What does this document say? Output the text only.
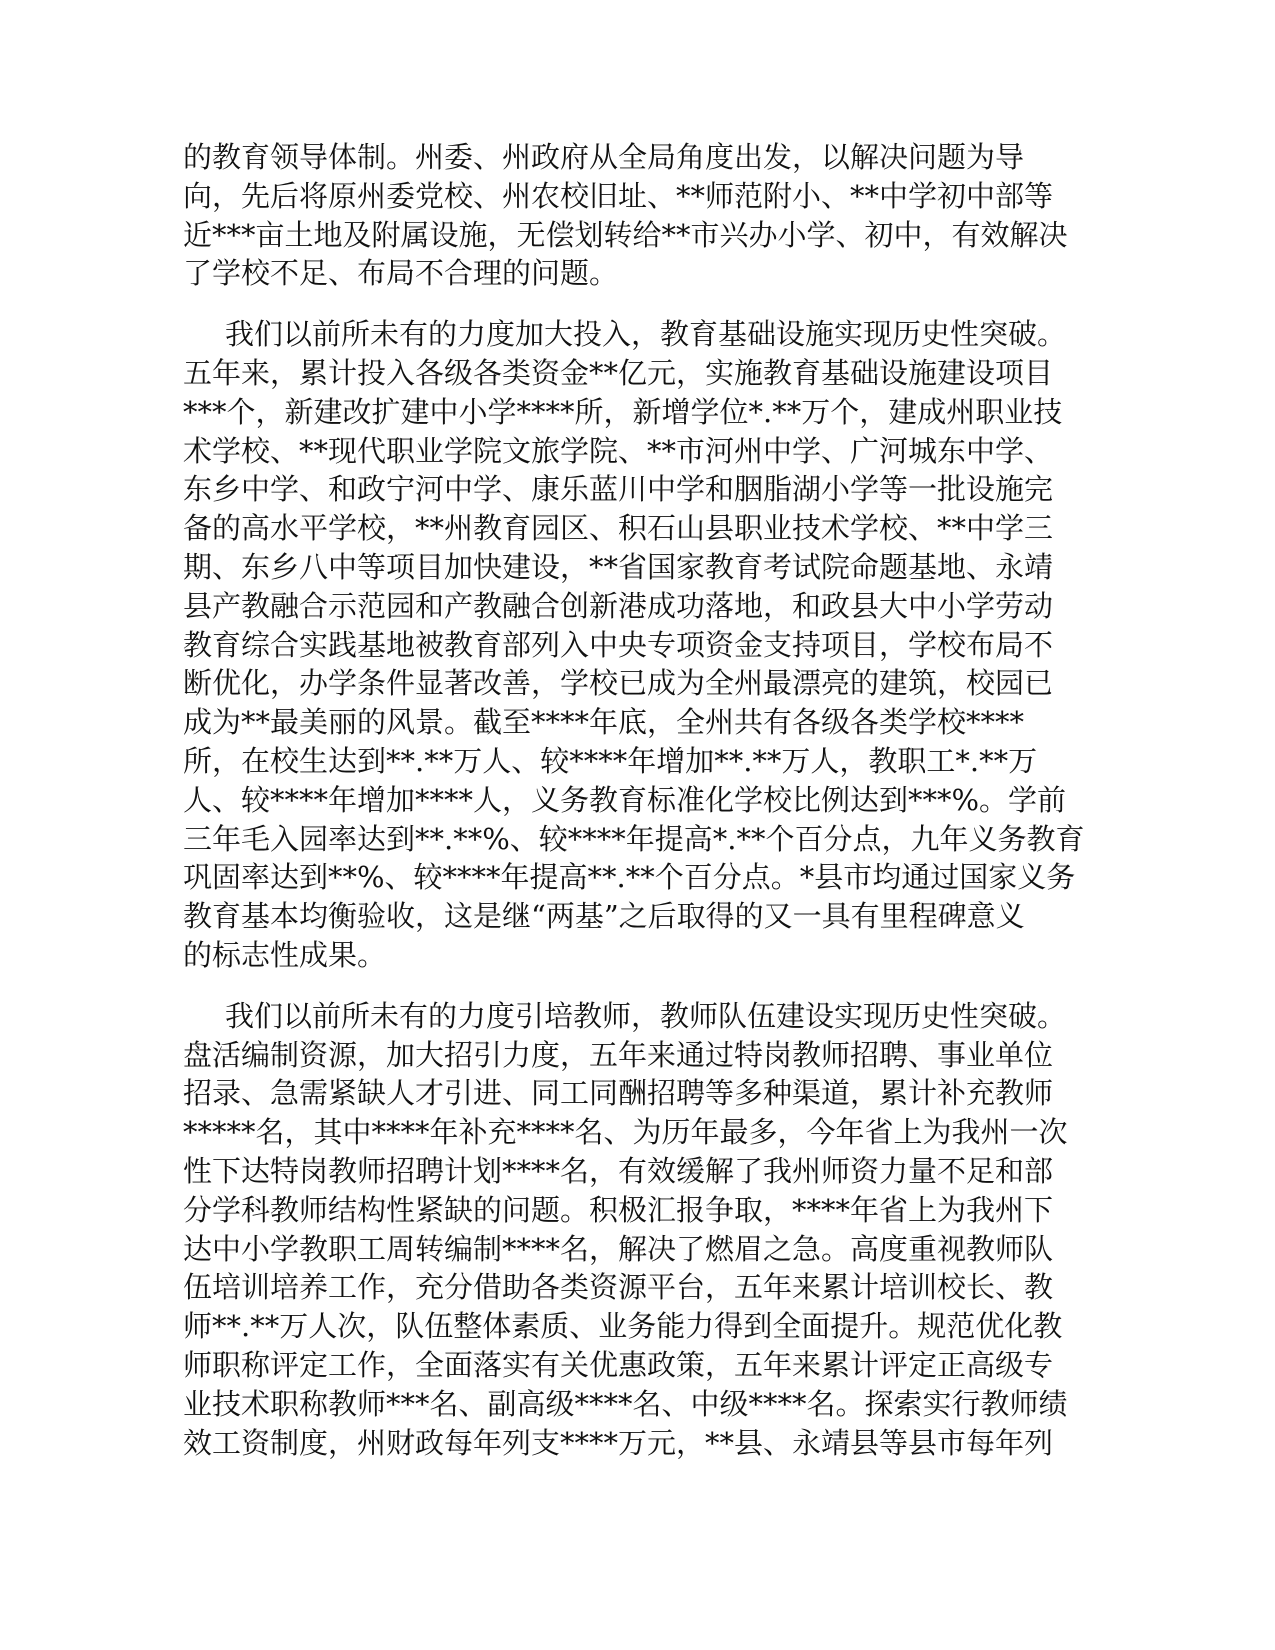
的教育领导体制。州委、州政府从全局角度出发，以解决问题为导
向，先后将原州委党校、州农校旧址、**师范附小、**中学初中部等
近***亩土地及附属设施，无偿划转给**市兴办小学、初中，有效解决
了学校不足、布局不合理的问题。

我们以前所未有的力度加大投入，教育基础设施实现历史性突破。
五年来，累计投入各级各类资金**亿元，实施教育基础设施建设项目
***个，新建改扩建中小学****所，新增学位*.**万个，建成州职业技
术学校、**现代职业学院文旅学院、**市河州中学、广河城东中学、
东乡中学、和政宁河中学、康乐蓝川中学和胭脂湖小学等一批设施完
备的高水平学校，**州教育园区、积石山县职业技术学校、**中学三
期、东乡八中等项目加快建设，**省国家教育考试院命题基地、永靖
县产教融合示范园和产教融合创新港成功落地，和政县大中小学劳动
教育综合实践基地被教育部列入中央专项资金支持项目，学校布局不
断优化，办学条件显著改善，学校已成为全州最漂亮的建筑，校园已
成为**最美丽的风景。截至****年底，全州共有各级各类学校****
所，在校生达到**.**万人、较****年增加**.**万人，教职工*.**万
人、较****年增加****人，义务教育标准化学校比例达到***%。学前
三年毛入园率达到**.**%、较****年提高*.**个百分点，九年义务教育
巩固率达到**%、较****年提高**.**个百分点。*县市均通过国家义务
教育基本均衡验收，这是继“两基”之后取得的又一具有里程碑意义
的标志性成果。

我们以前所未有的力度引培教师，教师队伍建设实现历史性突破。
盘活编制资源，加大招引力度，五年来通过特岗教师招聘、事业单位
招录、急需紧缺人才引进、同工同酬招聘等多种渠道，累计补充教师
*****名，其中****年补充****名、为历年最多，今年省上为我州一次
性下达特岗教师招聘计划****名，有效缓解了我州师资力量不足和部
分学科教师结构性紧缺的问题。积极汇报争取，****年省上为我州下
达中小学教职工周转编制****名，解决了燃眉之急。高度重视教师队
伍培训培养工作，充分借助各类资源平台，五年来累计培训校长、教
师**.**万人次，队伍整体素质、业务能力得到全面提升。规范优化教
师职称评定工作，全面落实有关优惠政策，五年来累计评定正高级专
业技术职称教师***名、副高级****名、中级****名。探索实行教师绩
效工资制度，州财政每年列支****万元，**县、永靖县等县市每年列
